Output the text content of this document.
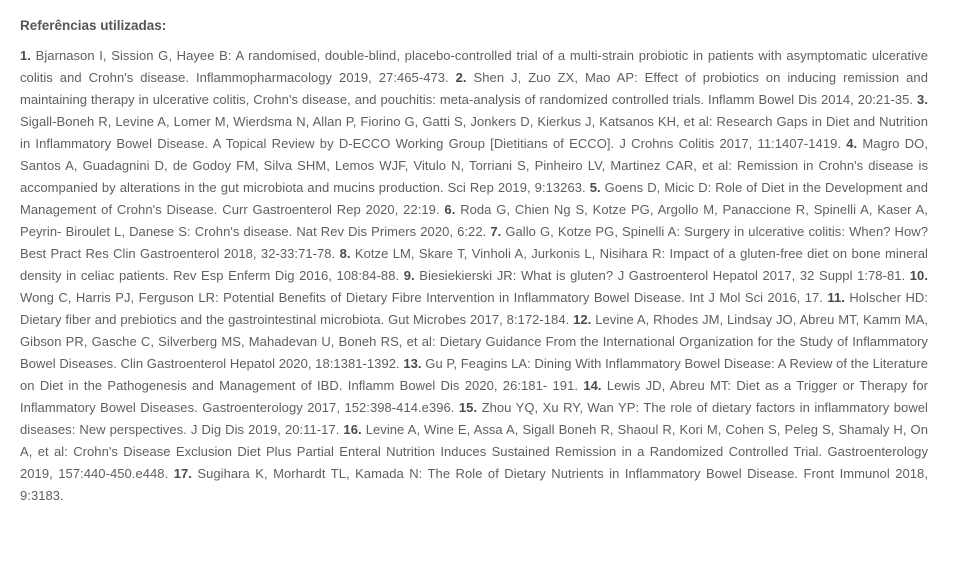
Referências utilizadas:

1. Bjarnason I, Sission G, Hayee B: A randomised, double-blind, placebo-controlled trial of a multi-strain probiotic in patients with asymptomatic ulcerative colitis and Crohn's disease. Inflammopharmacology 2019, 27:465-473. 2. Shen J, Zuo ZX, Mao AP: Effect of probiotics on inducing remission and maintaining therapy in ulcerative colitis, Crohn's disease, and pouchitis: meta-analysis of randomized controlled trials. Inflamm Bowel Dis 2014, 20:21-35. 3. Sigall-Boneh R, Levine A, Lomer M, Wierdsma N, Allan P, Fiorino G, Gatti S, Jonkers D, Kierkus J, Katsanos KH, et al: Research Gaps in Diet and Nutrition in Inflammatory Bowel Disease. A Topical Review by D-ECCO Working Group [Dietitians of ECCO]. J Crohns Colitis 2017, 11:1407-1419. 4. Magro DO, Santos A, Guadagnini D, de Godoy FM, Silva SHM, Lemos WJF, Vitulo N, Torriani S, Pinheiro LV, Martinez CAR, et al: Remission in Crohn's disease is accompanied by alterations in the gut microbiota and mucins production. Sci Rep 2019, 9:13263. 5. Goens D, Micic D: Role of Diet in the Development and Management of Crohn's Disease. Curr Gastroenterol Rep 2020, 22:19. 6. Roda G, Chien Ng S, Kotze PG, Argollo M, Panaccione R, Spinelli A, Kaser A, Peyrin- Biroulet L, Danese S: Crohn's disease. Nat Rev Dis Primers 2020, 6:22. 7. Gallo G, Kotze PG, Spinelli A: Surgery in ulcerative colitis: When? How? Best Pract Res Clin Gastroenterol 2018, 32-33:71-78. 8. Kotze LM, Skare T, Vinholi A, Jurkonis L, Nisihara R: Impact of a gluten-free diet on bone mineral density in celiac patients. Rev Esp Enferm Dig 2016, 108:84-88. 9. Biesiekierski JR: What is gluten? J Gastroenterol Hepatol 2017, 32 Suppl 1:78-81. 10. Wong C, Harris PJ, Ferguson LR: Potential Benefits of Dietary Fibre Intervention in Inflammatory Bowel Disease. Int J Mol Sci 2016, 17. 11. Holscher HD: Dietary fiber and prebiotics and the gastrointestinal microbiota. Gut Microbes 2017, 8:172-184. 12. Levine A, Rhodes JM, Lindsay JO, Abreu MT, Kamm MA, Gibson PR, Gasche C, Silverberg MS, Mahadevan U, Boneh RS, et al: Dietary Guidance From the International Organization for the Study of Inflammatory Bowel Diseases. Clin Gastroenterol Hepatol 2020, 18:1381-1392. 13. Gu P, Feagins LA: Dining With Inflammatory Bowel Disease: A Review of the Literature on Diet in the Pathogenesis and Management of IBD. Inflamm Bowel Dis 2020, 26:181- 191. 14. Lewis JD, Abreu MT: Diet as a Trigger or Therapy for Inflammatory Bowel Diseases. Gastroenterology 2017, 152:398-414.e396. 15. Zhou YQ, Xu RY, Wan YP: The role of dietary factors in inflammatory bowel diseases: New perspectives. J Dig Dis 2019, 20:11-17. 16. Levine A, Wine E, Assa A, Sigall Boneh R, Shaoul R, Kori M, Cohen S, Peleg S, Shamaly H, On A, et al: Crohn's Disease Exclusion Diet Plus Partial Enteral Nutrition Induces Sustained Remission in a Randomized Controlled Trial. Gastroenterology 2019, 157:440-450.e448. 17. Sugihara K, Morhardt TL, Kamada N: The Role of Dietary Nutrients in Inflammatory Bowel Disease. Front Immunol 2018, 9:3183.
